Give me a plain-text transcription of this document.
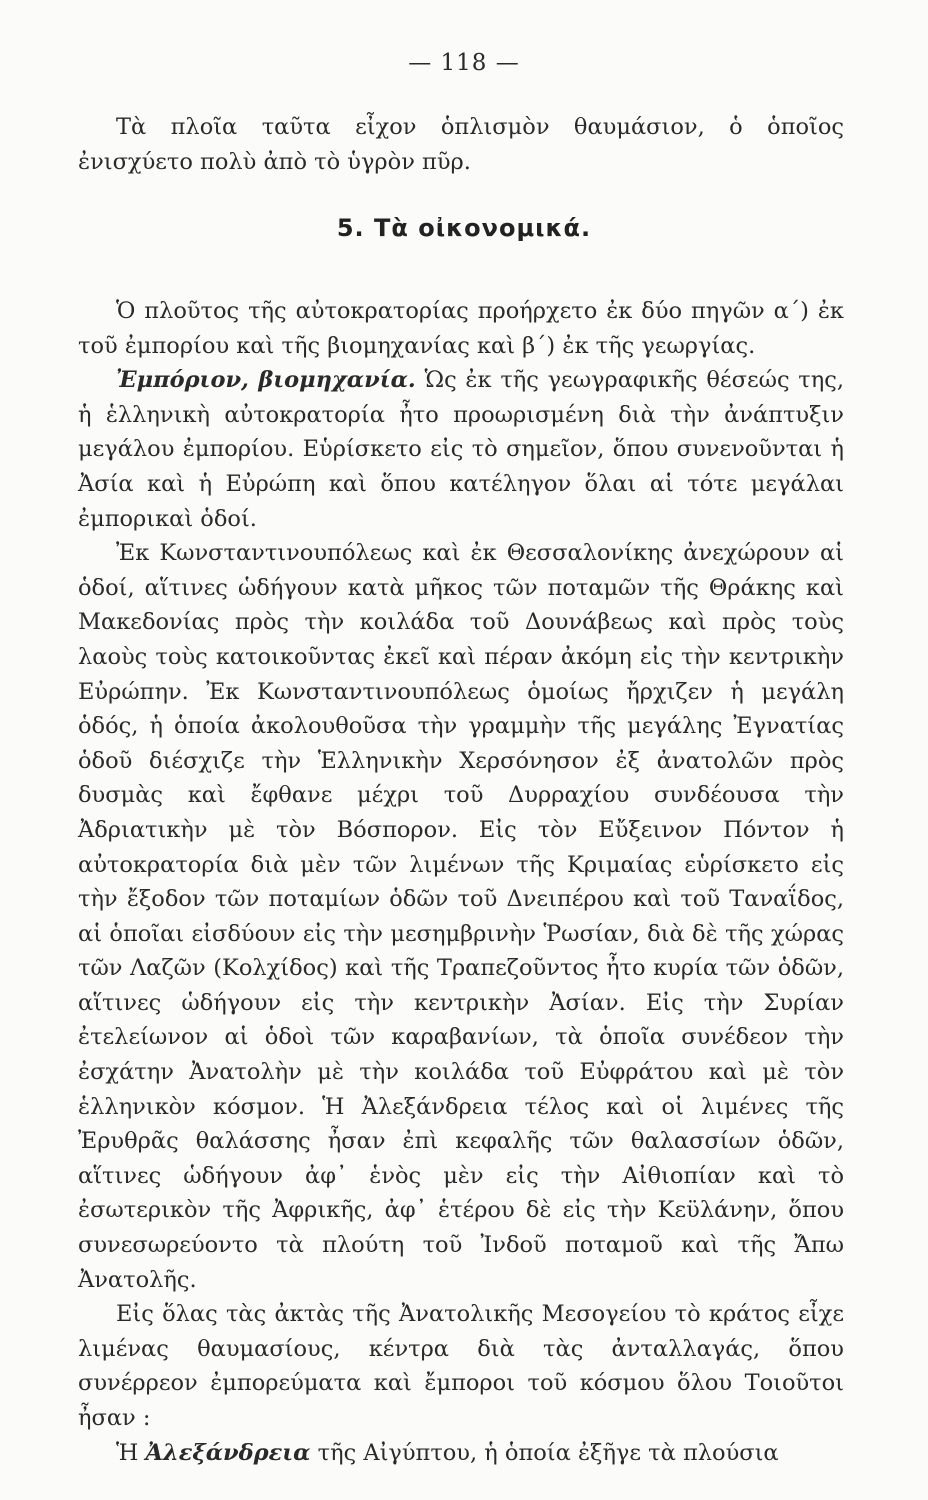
— 118 —

Τὰ πλοῖα ταῦτα εἶχον ὁπλισμὸν θαυμάσιον, ὁ ὁποῖος ἐνισχύετο πολὺ ἀπὸ τὸ ὑγρὸν πῦρ.

5. Τὰ οἰκονομικά.

Ὁ πλοῦτος τῆς αὐτοκρατορίας προήρχετο ἐκ δύο πηγῶν α΄) ἐκ τοῦ ἐμπορίου καὶ τῆς βιομηχανίας καὶ β΄) ἐκ τῆς γεωργίας.

Ἐμπόριον, βιομηχανία. Ὡς ἐκ τῆς γεωγραφικῆς θέσεώς της, ἡ ἑλληνικὴ αὐτοκρατορία ἦτο προωρισμένη διὰ τὴν ἀνάπτυξιν μεγάλου ἐμπορίου. Εὑρίσκετο εἰς τὸ σημεῖον, ὅπου συνενοῦνται ἡ Ἀσία καὶ ἡ Εὐρώπη καὶ ὅπου κατέληγον ὅλαι αἱ τότε μεγάλαι ἐμπορικαὶ ὁδοί.

Ἐκ Κωνσταντινουπόλεως καὶ ἐκ Θεσσαλονίκης ἀνεχώρουν αἱ ὁδοί, αἵτινες ὡδήγουν κατὰ μῆκος τῶν ποταμῶν τῆς Θράκης καὶ Μακεδονίας πρὸς τὴν κοιλάδα τοῦ Δουνάβεως καὶ πρὸς τοὺς λαοὺς τοὺς κατοικοῦντας ἐκεῖ καὶ πέραν ἀκόμη εἰς τὴν κεντρικὴν Εὐρώπην. Ἐκ Κωνσταντινουπόλεως ὁμοίως ἤρχιζεν ἡ μεγάλη ὁδός, ἡ ὁποία ἀκολουθοῦσα τὴν γραμμὴν τῆς μεγάλης Ἐγνατίας ὁδοῦ διέσχιζε τὴν Ἑλληνικὴν Χερσόνησον ἐξ ἀνατολῶν πρὸς δυσμὰς καὶ ἔφθανε μέχρι τοῦ Δυρραχίου συνδέουσα τὴν Ἀδριατικὴν μὲ τὸν Βόσπορον. Εἰς τὸν Εὔξεινον Πόντον ἡ αὐτοκρατορία διὰ μὲν τῶν λιμένων τῆς Κριμαίας εὑρίσκετο εἰς τὴν ἔξοδον τῶν ποταμίων ὁδῶν τοῦ Δνειπέρου καὶ τοῦ Ταναΐδος, αἱ ὁποῖαι εἰσδύουν εἰς τὴν μεσημβρινὴν Ῥωσίαν, διὰ δὲ τῆς χώρας τῶν Λαζῶν (Κολχίδος) καὶ τῆς Τραπεζοῦντος ἦτο κυρία τῶν ὁδῶν, αἵτινες ὡδήγουν εἰς τὴν κεντρικὴν Ἀσίαν. Εἰς τὴν Συρίαν ἐτελείωνον αἱ ὁδοὶ τῶν καραβανίων, τὰ ὁποῖα συνέδεον τὴν ἐσχάτην Ἀνατολὴν μὲ τὴν κοιλάδα τοῦ Εὐφράτου καὶ μὲ τὸν ἑλληνικὸν κόσμον. Ἡ Ἀλεξάνδρεια τέλος καὶ οἱ λιμένες τῆς Ἐρυθρᾶς θαλάσσης ἦσαν ἐπὶ κεφαλῆς τῶν θαλασσίων ὁδῶν, αἵτινες ὡδήγουν ἀφ᾿ ἑνὸς μὲν εἰς τὴν Αἰθιοπίαν καὶ τὸ ἐσωτερικὸν τῆς Ἀφρικῆς, ἀφ᾿ ἑτέρου δὲ εἰς τὴν Κεϋλάνην, ὅπου συνεσωρεύοντο τὰ πλούτη τοῦ Ἰνδοῦ ποταμοῦ καὶ τῆς Ἄπω Ἀνατολῆς.

Εἰς ὅλας τὰς ἀκτὰς τῆς Ἀνατολικῆς Μεσογείου τὸ κράτος εἶχε λιμένας θαυμασίους, κέντρα διὰ τὰς ἀνταλλαγάς, ὅπου συνέρρεον ἐμπορεύματα καὶ ἔμποροι τοῦ κόσμου ὅλου Τοιοῦτοι ἦσαν :

Ἡ Ἀλεξάνδρεια τῆς Αἰγύπτου, ἡ ὁποία ἐξῆγε τὰ πλούσια
